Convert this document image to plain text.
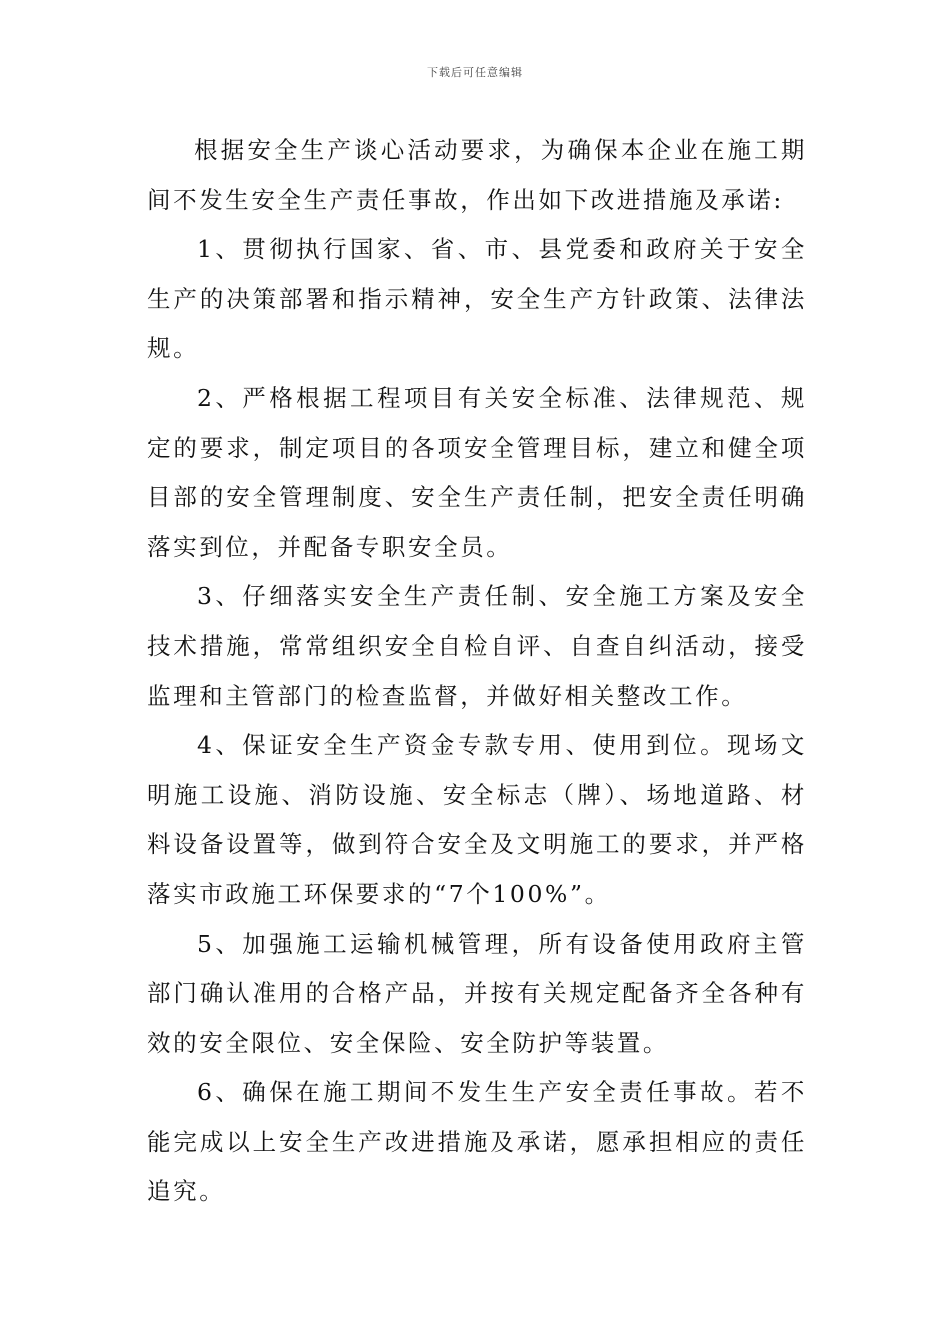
下载后可任意编辑

根据安全生产谈心活动要求，为确保本企业在施工期间不发生安全生产责任事故，作出如下改进措施及承诺:

1、贯彻执行国家、省、市、县党委和政府关于安全生产的决策部署和指示精神，安全生产方针政策、法律法规。

2、严格根据工程项目有关安全标准、法律规范、规定的要求，制定项目的各项安全管理目标，建立和健全项目部的安全管理制度、安全生产责任制，把安全责任明确落实到位，并配备专职安全员。

3、仔细落实安全生产责任制、安全施工方案及安全技术措施，常常组织安全自检自评、自查自纠活动，接受监理和主管部门的检查监督，并做好相关整改工作。

4、保证安全生产资金专款专用、使用到位。现场文明施工设施、消防设施、安全标志（牌）、场地道路、材料设备设置等，做到符合安全及文明施工的要求，并严格落实市政施工环保要求的“7个100%”。

5、加强施工运输机械管理，所有设备使用政府主管部门确认准用的合格产品，并按有关规定配备齐全各种有效的安全限位、安全保险、安全防护等装置。

6、确保在施工期间不发生生产安全责任事故。若不能完成以上安全生产改进措施及承诺，愿承担相应的责任追究。
